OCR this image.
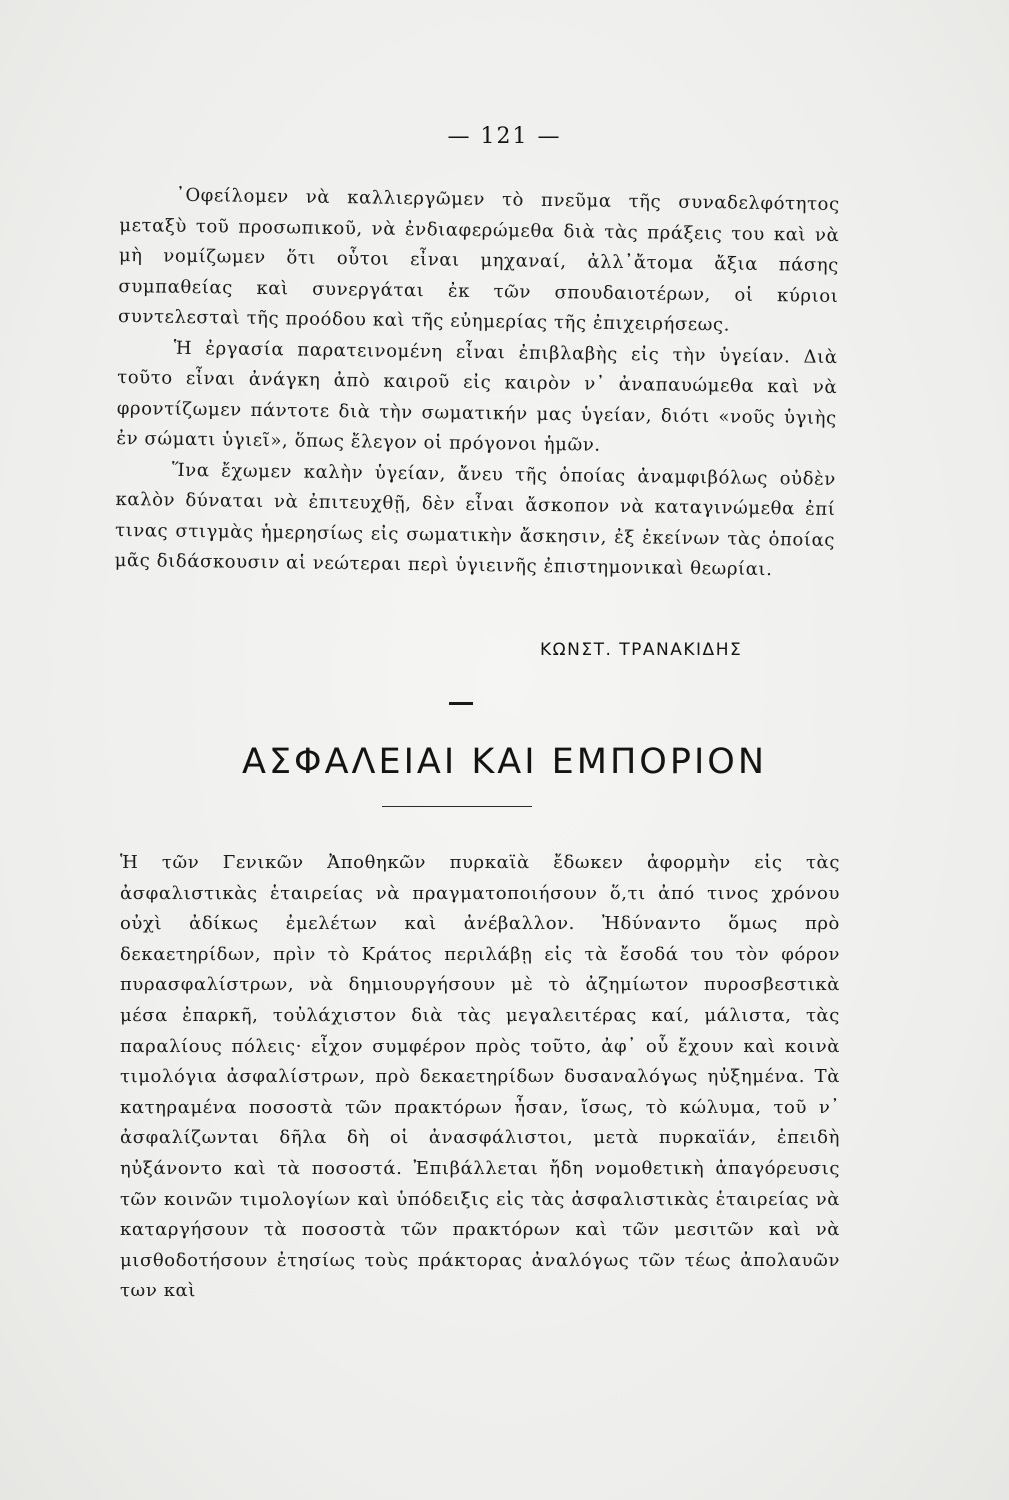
— 121 —

᾿Οφείλομεν νὰ καλλιεργῶμεν τὸ πνεῦμα τῆς συναδελφότητος μεταξὺ τοῦ προσωπικοῦ, νὰ ἐνδιαφερώμεθα διὰ τὰς πράξεις του καὶ νὰ μὴ νομίζωμεν ὅτι οὗτοι εἶναι μηχαναί, ἀλλ᾿ἄτομα ἄξια πάσης συμπαθείας καὶ συνεργάται ἐκ τῶν σπουδαιοτέρων, οἱ κύριοι συντελεσταὶ τῆς προόδου καὶ τῆς εὐημερίας τῆς ἐπιχειρήσεως.

Ἡ ἐργασία παρατεινομένη εἶναι ἐπιβλαβὴς εἰς τὴν ὑγείαν. Διὰ τοῦτο εἶναι ἀνάγκη ἀπὸ καιροῦ εἰς καιρὸν ν᾿ ἀναπαυώμεθα καὶ νὰ φροντίζωμεν πάντοτε διὰ τὴν σωματικήν μας ὑγείαν, διότι «νοῦς ὑγιὴς ἐν σώματι ὑγιεῖ», ὅπως ἔλεγον οἱ πρόγονοι ἡμῶν.

Ἵνα ἔχωμεν καλὴν ὑγείαν, ἄνευ τῆς ὁποίας ἀναμφιβόλως οὐδὲν καλὸν δύναται νὰ ἐπιτευχθῇ, δὲν εἶναι ἄσκοπον νὰ καταγινώμεθα ἐπί τινας στιγμὰς ἡμερησίως εἰς σωματικὴν ἄσκησιν, ἐξ ἐκείνων τὰς ὁποίας μᾶς διδάσκουσιν αἱ νεώτεραι περὶ ὑγιεινῆς ἐπιστημονικαὶ θεωρίαι.

ΚΩΝΣΤ. ΤΡΑΝΑΚΙΔΗΣ
ΑΣΦΑΛΕΙΑΙ ΚΑΙ ΕΜΠΟΡΙΟΝ

Ἡ τῶν Γενικῶν Ἀποθηκῶν πυρκαϊὰ ἔδωκεν ἀφορμὴν εἰς τὰς ἀσφαλιστικὰς ἑταιρείας νὰ πραγματοποιήσουν ὅ,τι ἀπό τινος χρόνου οὐχὶ ἀδίκως ἐμελέτων καὶ ἀνέβαλλον. Ἠδύναντο ὅμως πρὸ δεκαετηρίδων, πρὶν τὸ Κράτος περιλάβῃ εἰς τὰ ἔσοδά του τὸν φόρον πυρασφαλίστρων, νὰ δημιουργήσουν μὲ τὸ ἀζημίωτον πυροσβεστικὰ μέσα ἐπαρκῆ, τοὐλάχιστον διὰ τὰς μεγαλειτέρας καί, μάλιστα, τὰς παραλίους πόλεις· εἶχον συμφέρον πρὸς τοῦτο, ἀφ᾿ οὗ ἔχουν καὶ κοινὰ τιμολόγια ἀσφαλίστρων, πρὸ δεκαετηρίδων δυσαναλόγως ηὐξημένα. Τὰ κατηραμένα ποσοστὰ τῶν πρακτόρων ἦσαν, ἴσως, τὸ κώλυμα, τοῦ ν᾿ ἀσφαλίζωνται δῆλα δὴ οἱ ἀνασφάλιστοι, μετὰ πυρκαϊάν, ἐπειδὴ ηὐξάνοντο καὶ τὰ ποσοστά. Ἐπιβάλλεται ἤδη νομοθετικὴ ἀπαγόρευσις τῶν κοινῶν τιμολογίων καὶ ὑπόδειξις εἰς τὰς ἀσφαλιστικὰς ἑταιρείας νὰ καταργήσουν τὰ ποσοστὰ τῶν πρακτόρων καὶ τῶν μεσιτῶν καὶ νὰ μισθοδοτήσουν ἐτησίως τοὺς πράκτορας ἀναλόγως τῶν τέως ἀπολαυῶν των καὶ
